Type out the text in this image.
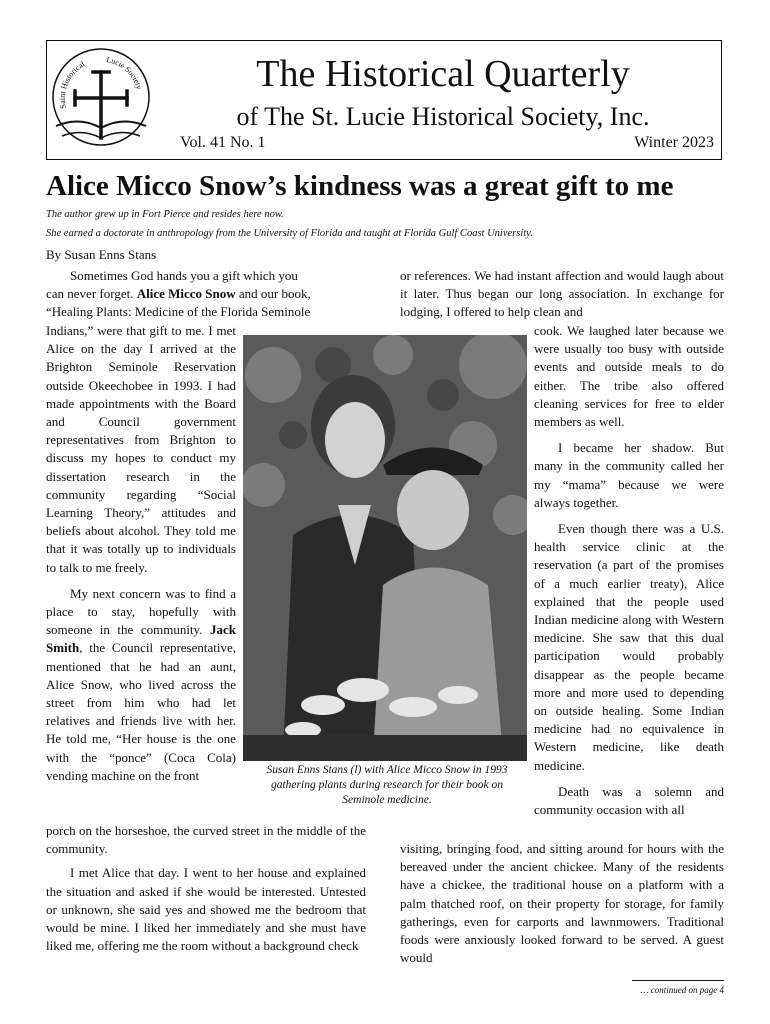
Saint Historical Lucie Society	The Historical Quarterly
of The St. Lucie Historical Society, Inc.
Vol. 41 No. 1	Winter 2023
Alice Micco Snow’s kindness was a great gift to me
The author grew up in Fort Pierce and resides here now.
She earned a doctorate in anthropology from the University of Florida and taught at Florida Gulf Coast University.
By Susan Enns Stans
Sometimes God hands you a gift which you
can never forget. Alice Micco Snow and our book,
“Healing Plants: Medicine of the Florida Seminole

Indians,” were that gift to me. I met Alice on the day I arrived at the Brighton Seminole Reservation outside Okeechobee in 1993. I had made appointments with the Board and Council government representatives from Brighton to discuss my hopes to conduct my dissertation research in the community regarding “Social Learning Theory,” attitudes and beliefs about alcohol. They told me that it was totally up to individuals to talk to me freely.

My next concern was to find a place to stay, hopefully with someone in the community. Jack Smith, the Council representative, mentioned that he had an aunt, Alice Snow, who lived across the street from him who had let relatives and friends live with her. He told me, “Her house is the one with the “ponce” (Coca Cola) vending machine on the front

porch on the horseshoe, the curved street in the middle of the community.

I met Alice that day. I went to her house and explained the situation and asked if she would be interested. Untested or unknown, she said yes and showed me the bedroom that would be mine. I liked her immediately and she must have liked me, offering me the room without a background check

Susan Enns Stans (l) with Alice Micco Snow in 1993 gathering plants during research for their book on Seminole medicine.

or references. We had instant affection and would laugh about it later. Thus began our long association. In exchange for lodging, I offered to help clean and

cook. We laughed later because we were usually too busy with outside events and outside meals to do either. The tribe also offered cleaning services for free to elder members as well.

I became her shadow. But many in the community called her my “mama” because we were always together.

Even though there was a U.S. health service clinic at the reservation (a part of the promises of a much earlier treaty), Alice explained that the people used Indian medicine along with Western medicine. She saw that this dual participation would probably disappear as the people became more and more used to depending on outside healing. Some Indian medicine had no equivalence in Western medicine, like death medicine.

Death was a solemn and community occasion with all

visiting, bringing food, and sitting around for hours with the bereaved under the ancient chickee. Many of the residents have a chickee, the traditional house on a platform with a palm thatched roof, on their property for storage, for family gatherings, even for carports and lawnmowers. Traditional foods were anxiously looked forward to be served. A guest would

… continued on page 4
